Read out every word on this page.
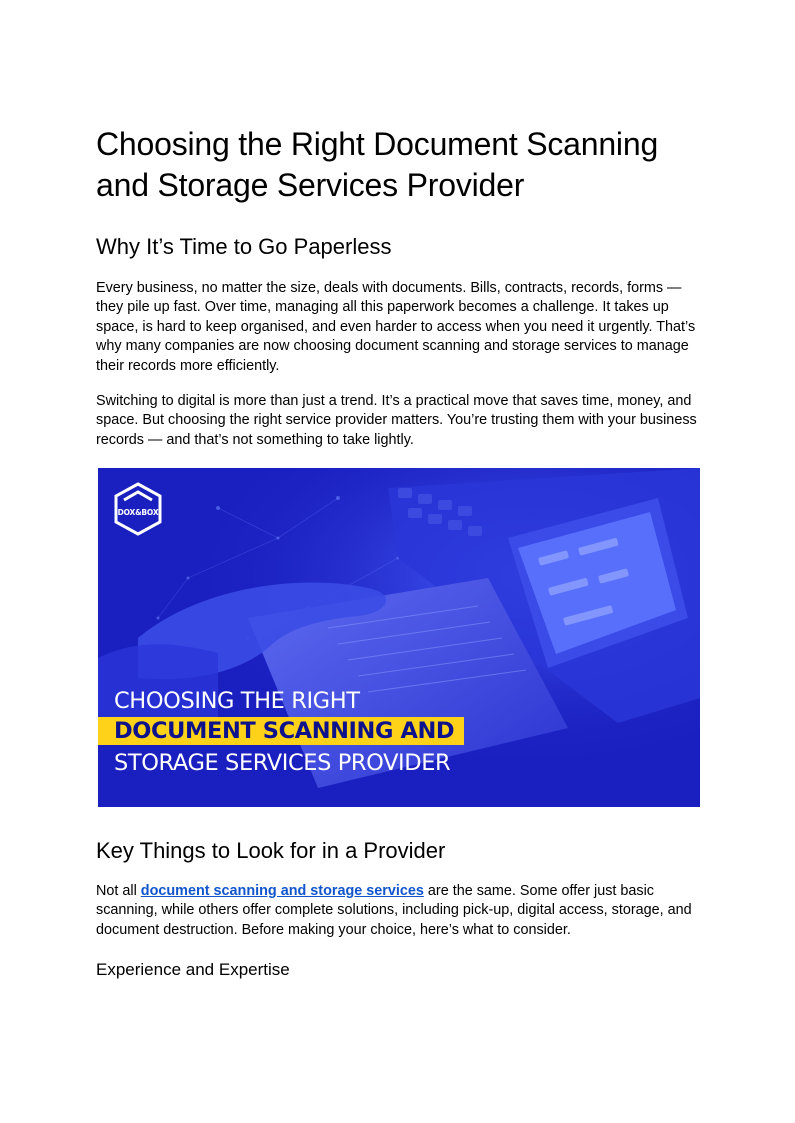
Choosing the Right Document Scanning and Storage Services Provider
Why It’s Time to Go Paperless

Every business, no matter the size, deals with documents. Bills, contracts, records, forms — they pile up fast. Over time, managing all this paperwork becomes a challenge. It takes up space, is hard to keep organised, and even harder to access when you need it urgently. That’s why many companies are now choosing document scanning and storage services to manage their records more efficiently.

Switching to digital is more than just a trend. It’s a practical move that saves time, money, and space. But choosing the right service provider matters. You’re trusting them with your business records — and that’s not something to take lightly.

DOX&BOX
CHOOSING THE RIGHT
DOCUMENT SCANNING AND
STORAGE SERVICES PROVIDER
Key Things to Look for in a Provider

Not all document scanning and storage services are the same. Some offer just basic scanning, while others offer complete solutions, including pick-up, digital access, storage, and document destruction. Before making your choice, here’s what to consider.

Experience and Expertise
